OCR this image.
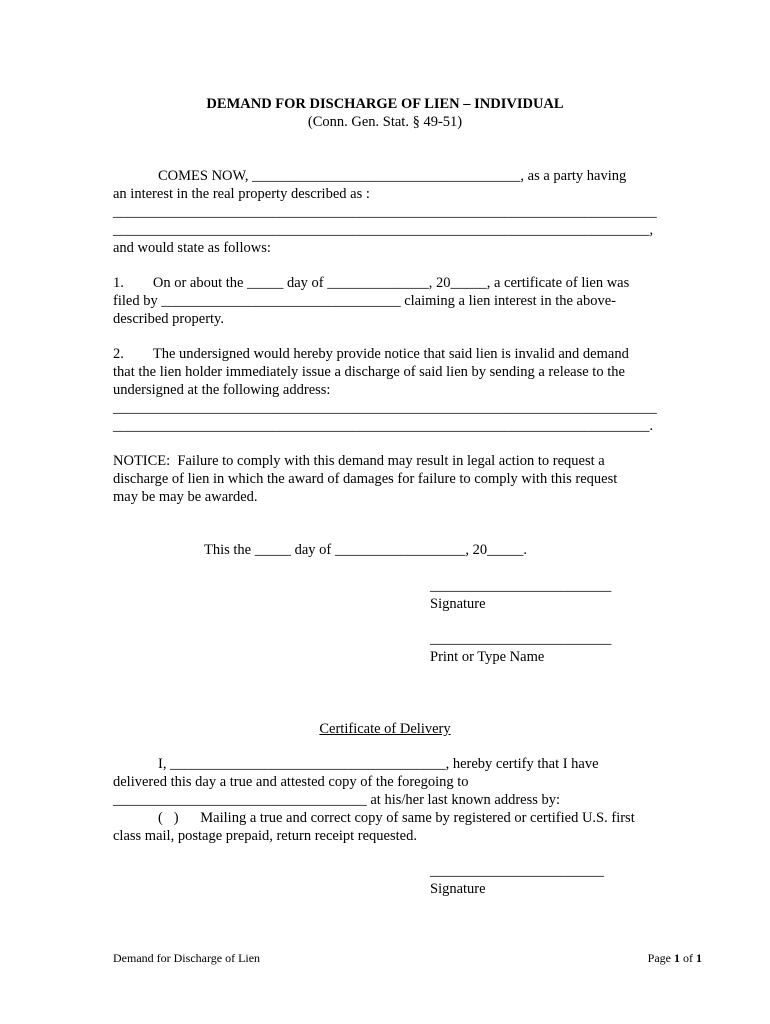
DEMAND FOR DISCHARGE OF LIEN – INDIVIDUAL
(Conn. Gen. Stat. § 49-51)
COMES NOW, _____________________________________, as a party having
an interest in the real property described as :
___________________________________________________________________________
__________________________________________________________________________,
and would state as follows:
1.        On or about the _____ day of ______________, 20_____, a certificate of lien was
filed by _________________________________ claiming a lien interest in the above-
described property.
2.        The undersigned would hereby provide notice that said lien is invalid and demand
that the lien holder immediately issue a discharge of said lien by sending a release to the
undersigned at the following address:
___________________________________________________________________________
__________________________________________________________________________.
NOTICE:  Failure to comply with this demand may result in legal action to request a
discharge of lien in which the award of damages for failure to comply with this request
may be may be awarded.
This the _____ day of __________________, 20_____.
_________________________
Signature
_________________________
Print or Type Name
Certificate of Delivery
I, ______________________________________, hereby certify that I have
delivered this day a true and attested copy of the foregoing to
___________________________________ at his/her last known address by:
(   )      Mailing a true and correct copy of same by registered or certified U.S. first
class mail, postage prepaid, return receipt requested.
________________________
Signature
Demand for Discharge of Lien	Page 1 of 1
